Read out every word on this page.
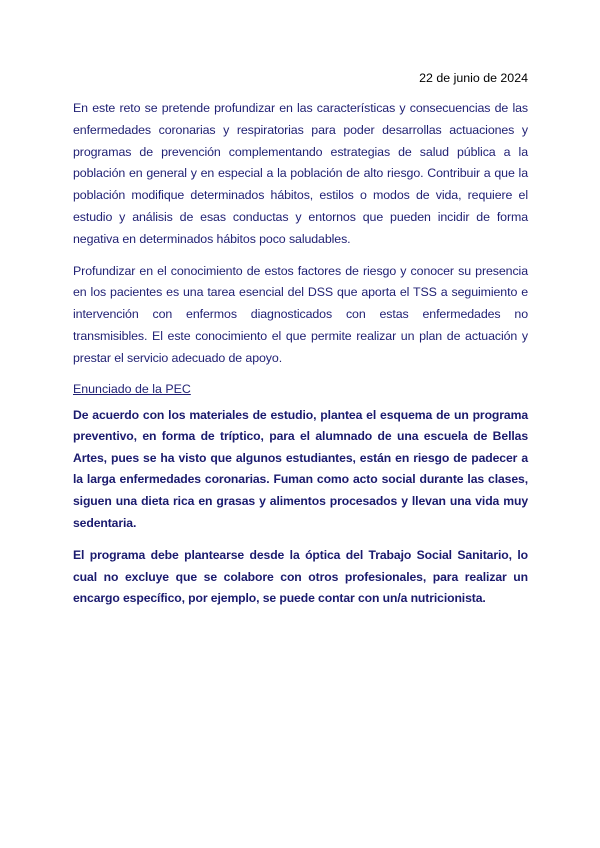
22 de junio de 2024

En este reto se pretende profundizar en las características y consecuencias de las enfermedades coronarias y respiratorias para poder desarrollas actuaciones y programas de prevención complementando estrategias de salud pública a la población en general y en especial a la población de alto riesgo. Contribuir a que la población modifique determinados hábitos, estilos o modos de vida, requiere el estudio y análisis de esas conductas y entornos que pueden incidir de forma negativa en determinados hábitos poco saludables.

Profundizar en el conocimiento de estos factores de riesgo y conocer su presencia en los pacientes es una tarea esencial del DSS que aporta el TSS a seguimiento e intervención con enfermos diagnosticados con estas enfermedades no transmisibles. El este conocimiento el que permite realizar un plan de actuación y prestar el servicio adecuado de apoyo.

Enunciado de la PEC

De acuerdo con los materiales de estudio, plantea el esquema de un programa preventivo, en forma de tríptico, para el alumnado de una escuela de Bellas Artes, pues se ha visto que algunos estudiantes, están en riesgo de padecer a la larga enfermedades coronarias. Fuman como acto social durante las clases, siguen una dieta rica en grasas y alimentos procesados y llevan una vida muy sedentaria.

El programa debe plantearse desde la óptica del Trabajo Social Sanitario, lo cual no excluye que se colabore con otros profesionales, para realizar un encargo específico, por ejemplo, se puede contar con un/a nutricionista.
